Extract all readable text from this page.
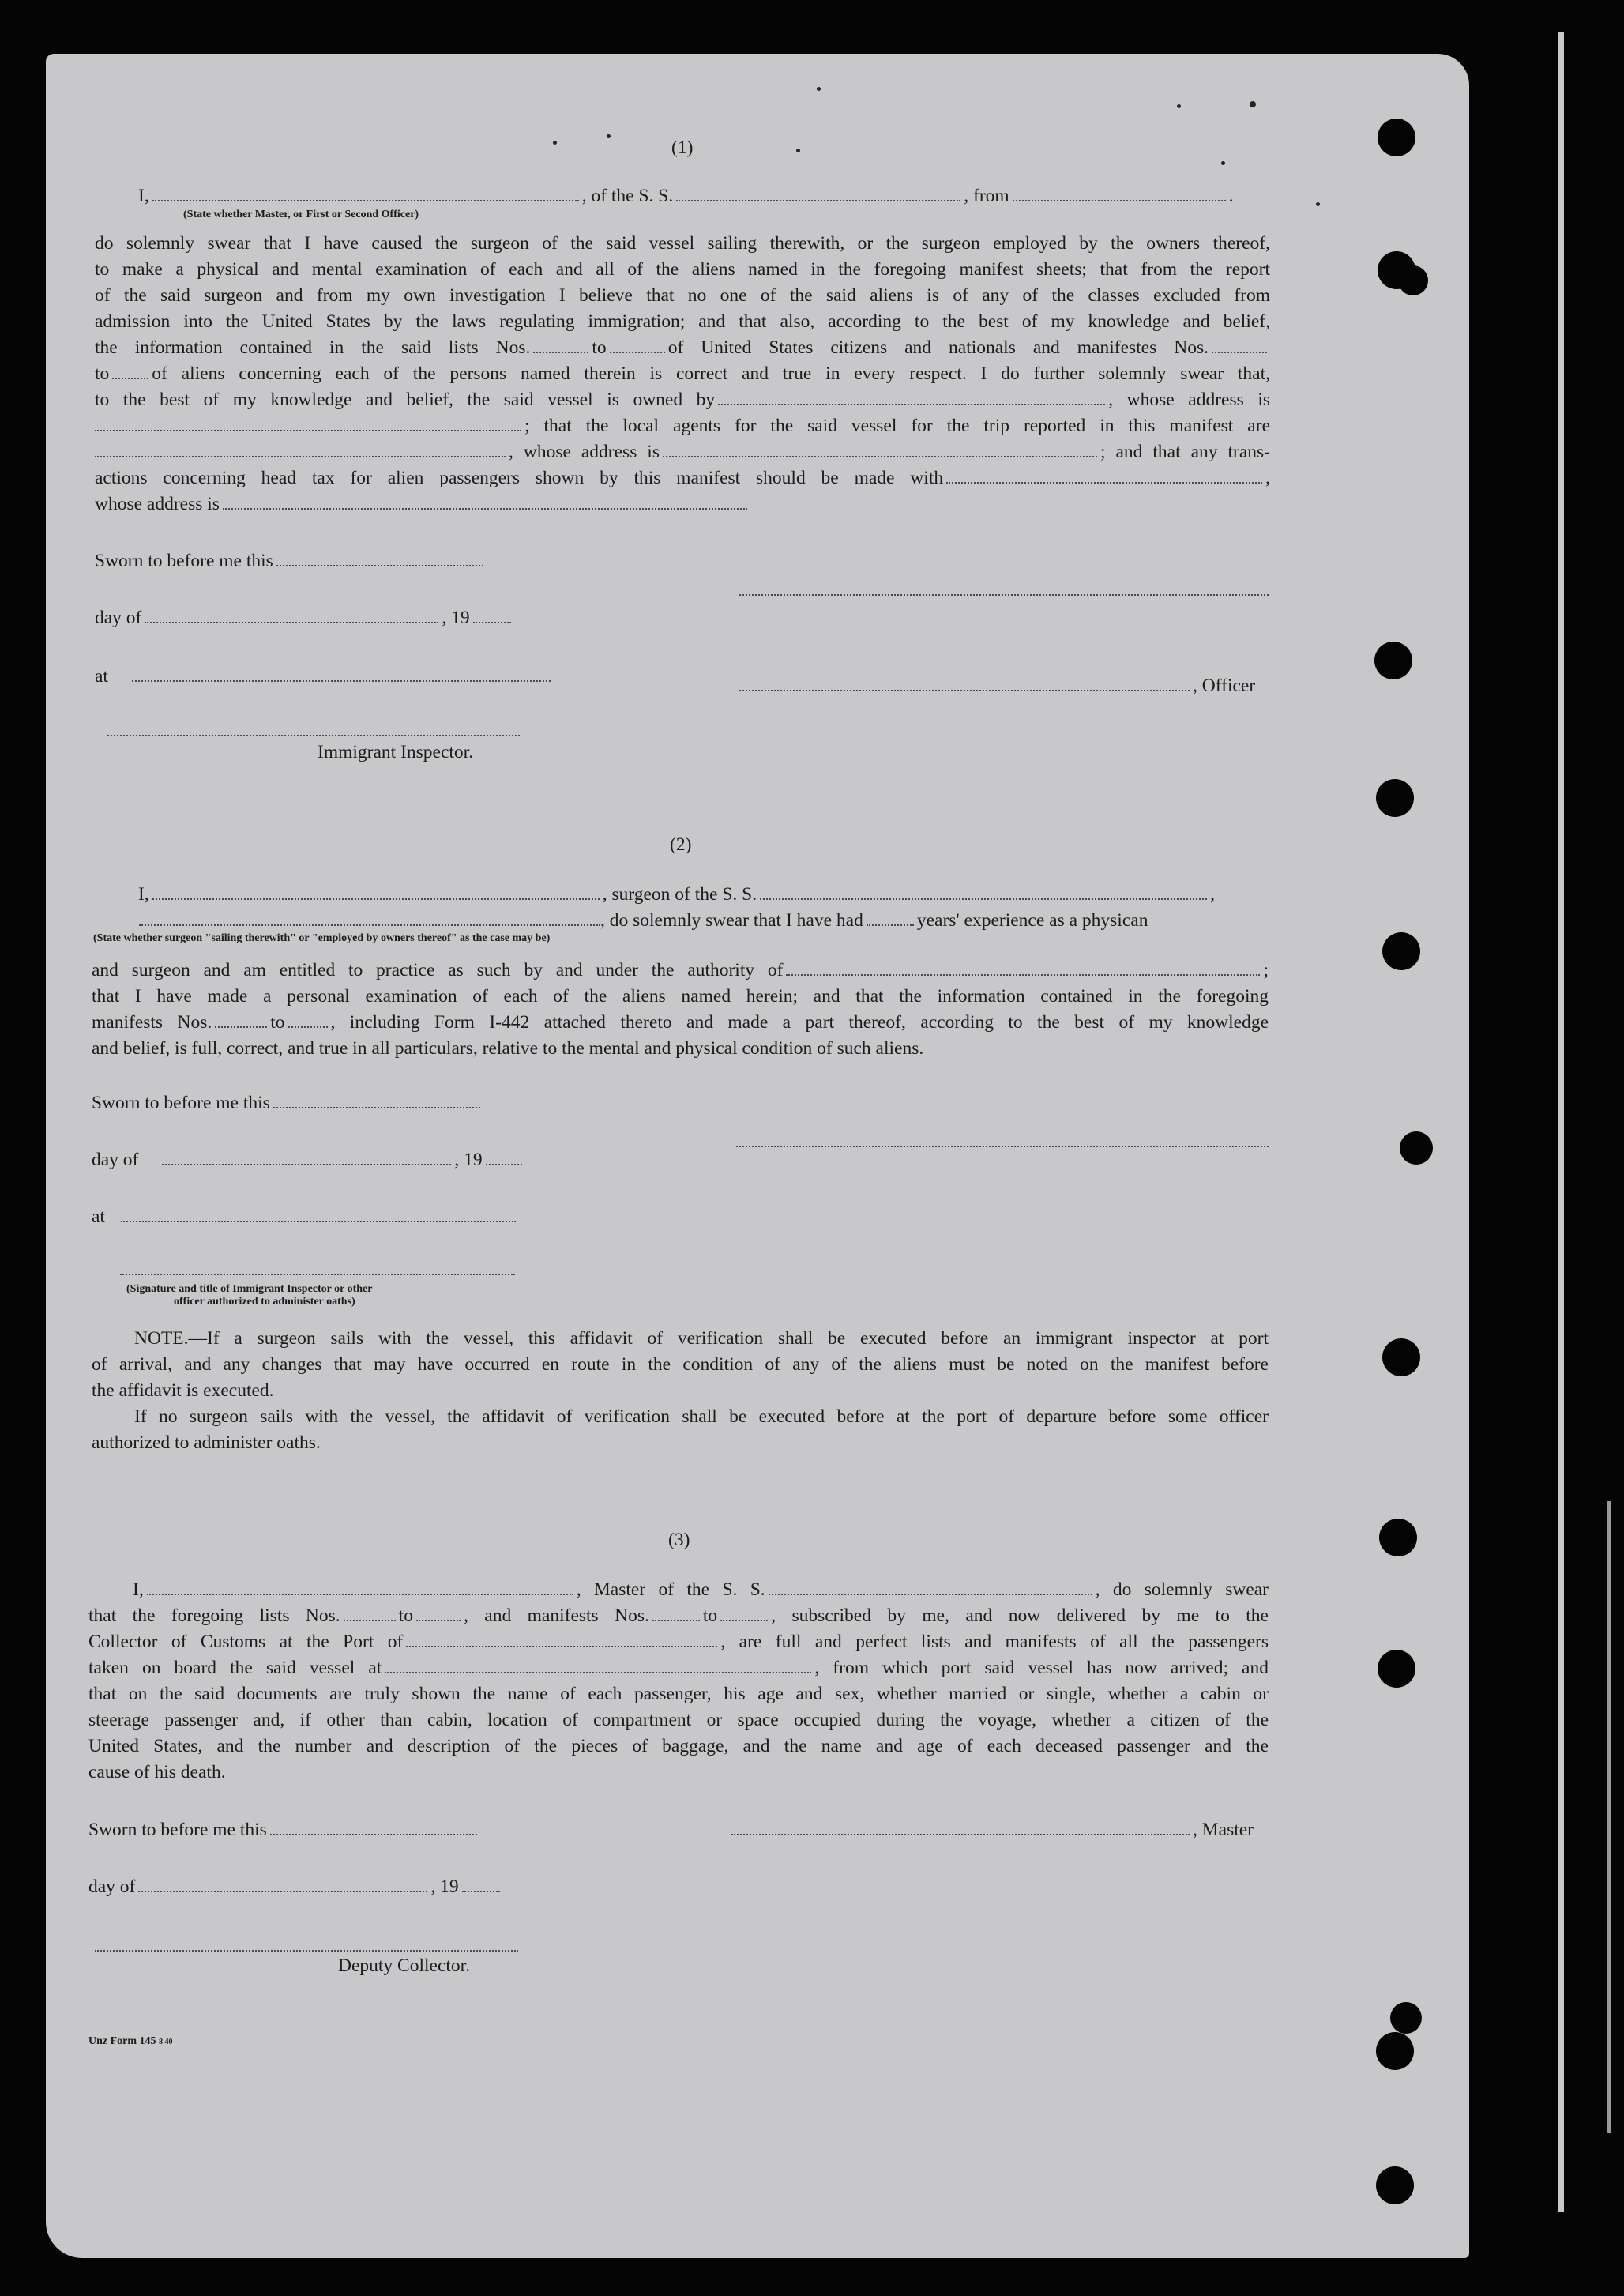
(1)
I,	, of the S. S.	, from	.
(State whether Master, or First or Second Officer)
do solemnly swear that I have caused the surgeon of the said vessel sailing therewith, or the surgeon employed by the owners thereof,
to make a physical and mental examination of each and all of the aliens named in the foregoing manifest sheets; that from the report
of the said surgeon and from my own investigation I believe that no one of the said aliens is of any of the classes excluded from
admission into the United States by the laws regulating immigration; and that also, according to the best of my knowledge and belief,
the information contained in the said lists Nos.	to	of United States citizens and nationals and manifestes Nos.
to of aliens concerning each of the persons named therein is correct and true in every respect. I do further solemnly swear that,
to the best of my knowledge and belief, the said vessel is owned by	, whose address is
; that the local agents for the said vessel for the trip reported in this manifest are
, whose address is	; and that any trans-
actions concerning head tax for alien passengers shown by this manifest should be made with	,
whose address is
Sworn to before me this
day of	, 19
at	, Officer
Immigrant Inspector.
(2)
I,	, surgeon of the S. S.	,
, do solemnly swear that I have had	years' experience as a physican
(State whether surgeon "sailing therewith" or "employed by owners thereof" as the case may be)
and surgeon and am entitled to practice as such by and under the authority of	;
that I have made a personal examination of each of the aliens named herein; and that the information contained in the foregoing
manifests Nos.	to , including Form I-442 attached thereto and made a part thereof, according to the best of my knowledge
and belief, is full, correct, and true in all particulars, relative to the mental and physical condition of such aliens.
Sworn to before me this
day of	, 19
at
(Signature and title of Immigrant Inspector or other
officer authorized to administer oaths)
NOTE.—If a surgeon sails with the vessel, this affidavit of verification shall be executed before an immigrant inspector at port
of arrival, and any changes that may have occurred en route in the condition of any of the aliens must be noted on the manifest before
the affidavit is executed.
If no surgeon sails with the vessel, the affidavit of verification shall be executed before at the port of departure before some officer
authorized to administer oaths.
(3)
I,	, Master of the S. S.	, do solemnly swear
that the foregoing lists Nos.	to	, and manifests Nos.	to	, subscribed by me, and now delivered by me to the
Collector of Customs at the Port of	, are full and perfect lists and manifests of all the passengers
taken on board the said vessel at	, from which port said vessel has now arrived; and
that on the said documents are truly shown the name of each passenger, his age and sex, whether married or single, whether a cabin or
steerage passenger and, if other than cabin, location of compartment or space occupied during the voyage, whether a citizen of the
United States, and the number and description of the pieces of baggage, and the name and age of each deceased passenger and the
cause of his death.
Sworn to before me this	, Master
day of	, 19
Deputy Collector.
Unz Form 145 8 40
